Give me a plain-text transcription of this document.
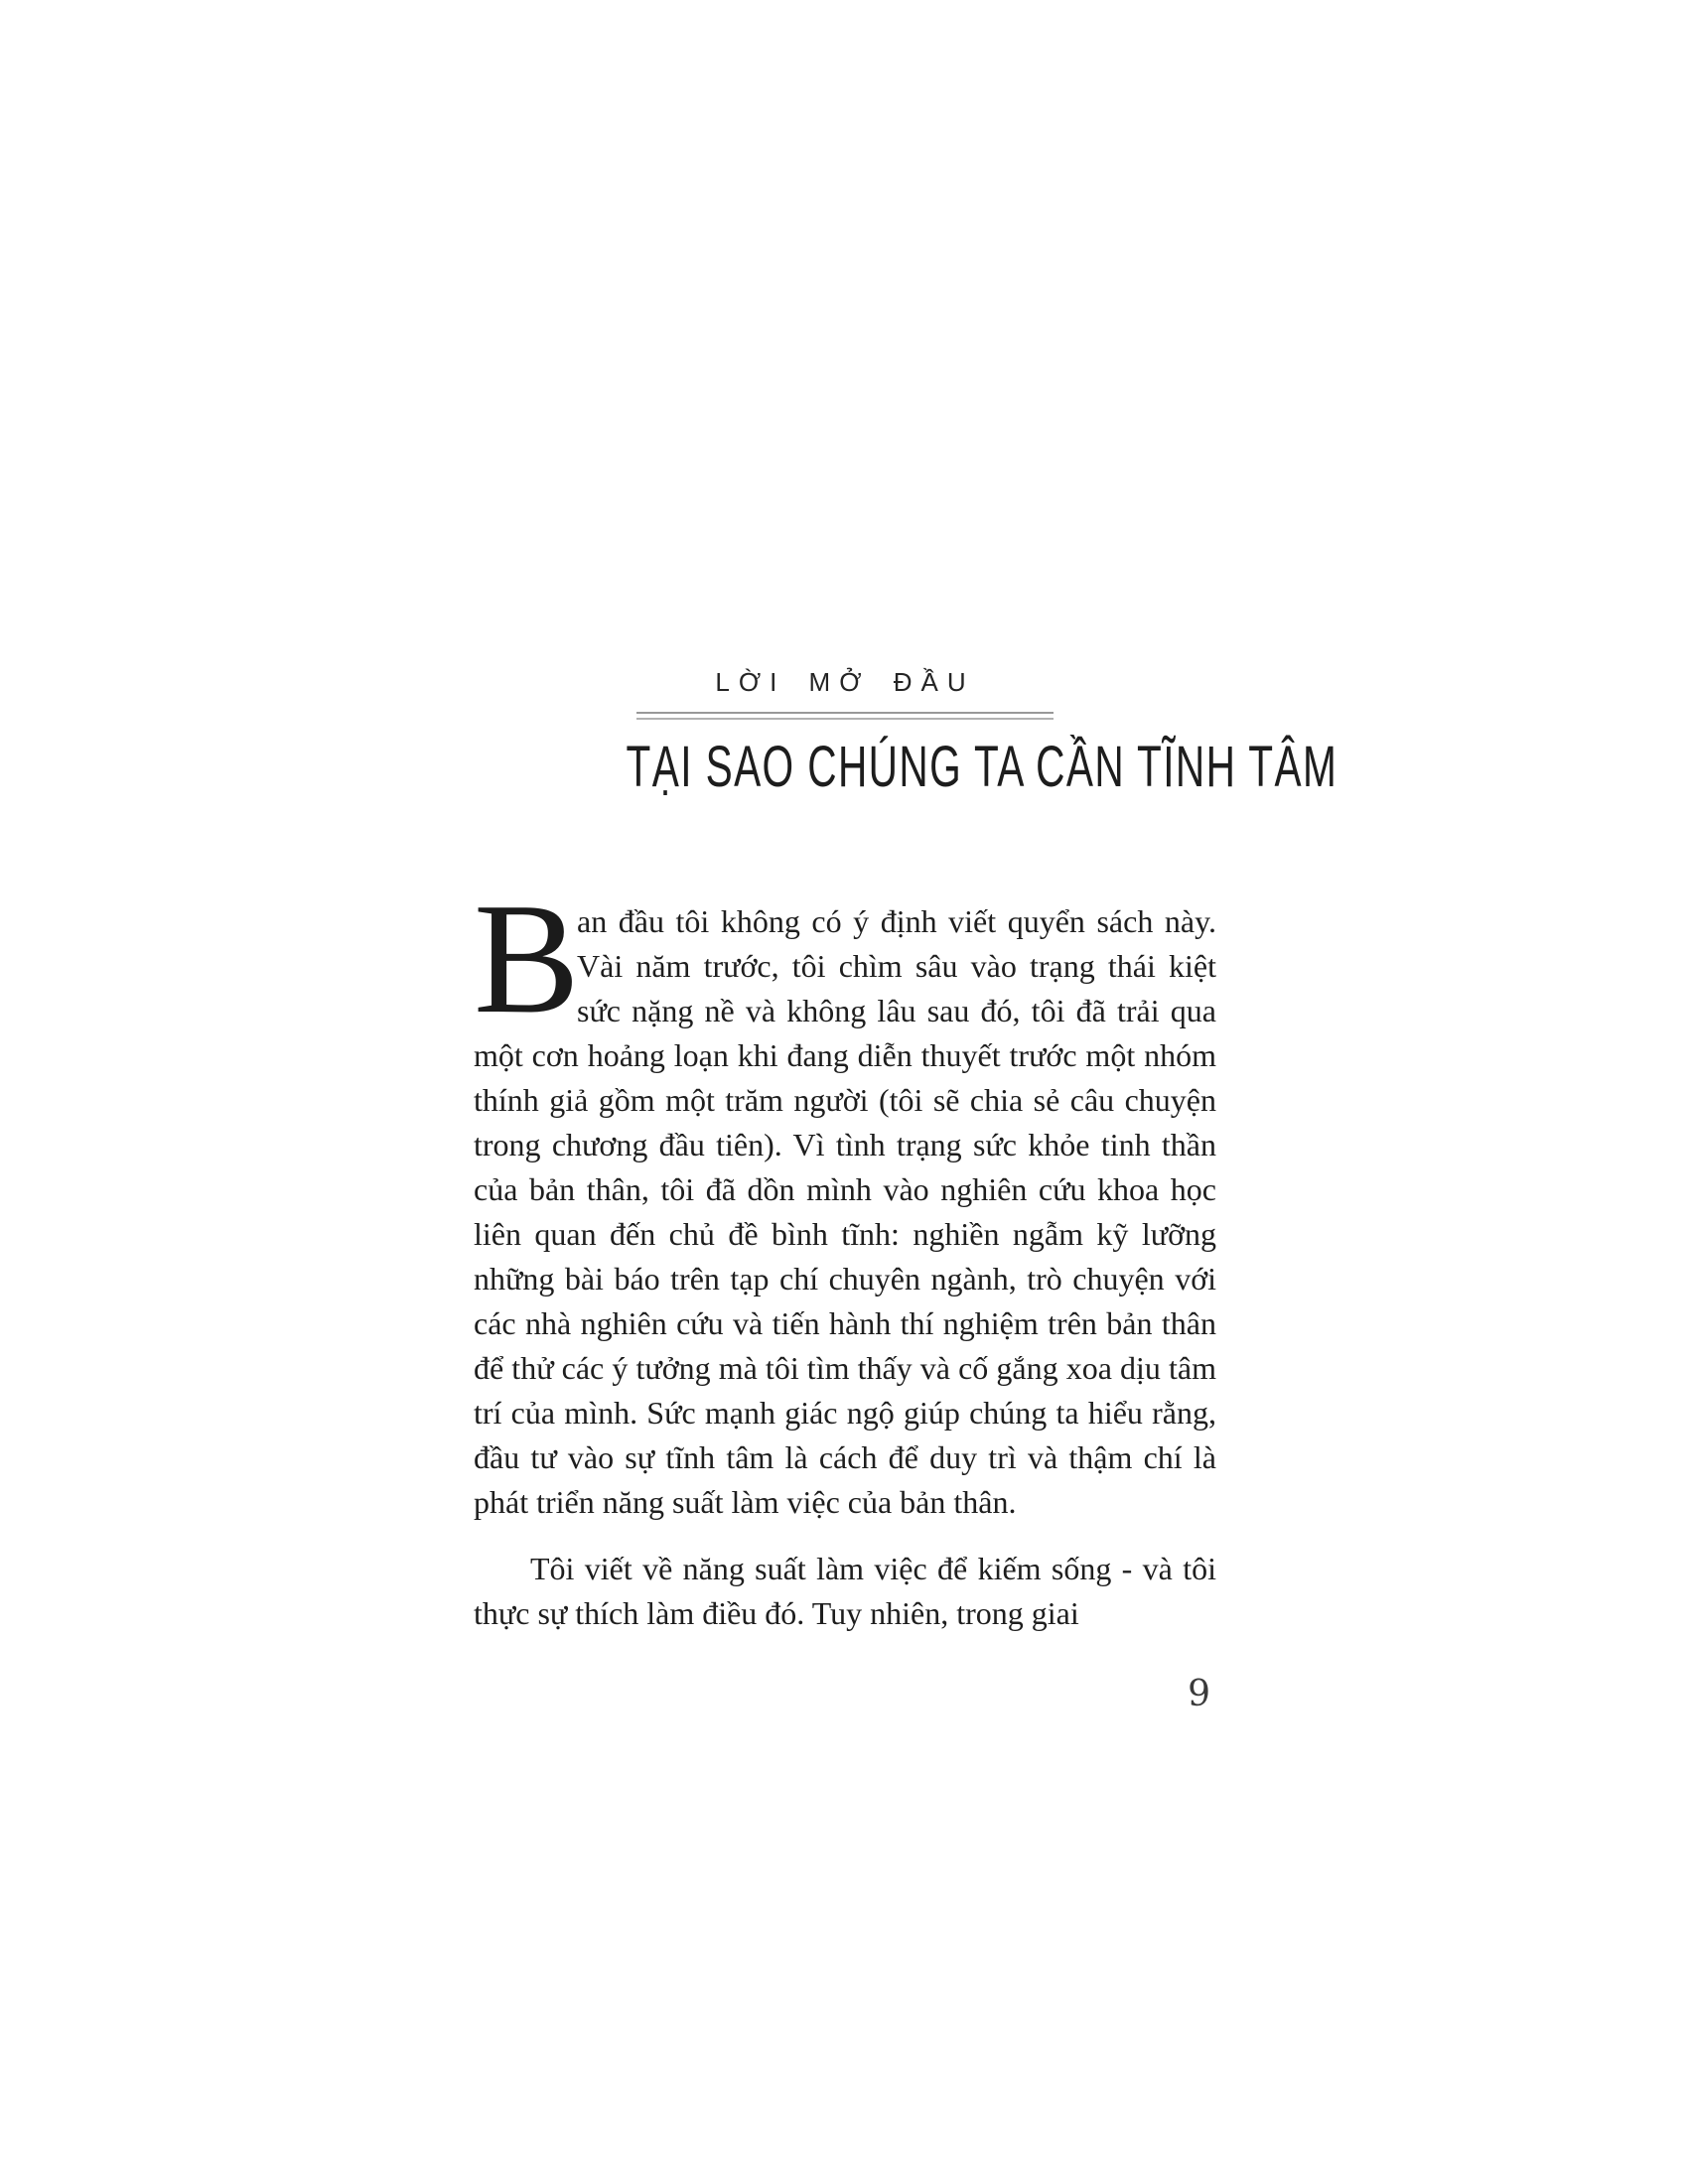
LỜI MỞ ĐẦU
TẠI SAO CHÚNG TA CẦN TĨNH TÂM

B
an đầu tôi không có ý định viết quyển sách này. Vài năm trước, tôi chìm sâu vào trạng thái kiệt sức nặng nề và không lâu sau đó, tôi đã trải qua một cơn hoảng loạn khi đang diễn thuyết trước một nhóm thính giả gồm một trăm người (tôi sẽ chia sẻ câu chuyện trong chương đầu tiên). Vì tình trạng sức khỏe tinh thần của bản thân, tôi đã dồn mình vào nghiên cứu khoa học liên quan đến chủ đề bình tĩnh: nghiền ngẫm kỹ lưỡng những bài báo trên tạp chí chuyên ngành, trò chuyện với các nhà nghiên cứu và tiến hành thí nghiệm trên bản thân để thử các ý tưởng mà tôi tìm thấy và cố gắng xoa dịu tâm trí của mình. Sức mạnh giác ngộ giúp chúng ta hiểu rằng, đầu tư vào sự tĩnh tâm là cách để duy trì và thậm chí là phát triển năng suất làm việc của bản thân.

Tôi viết về năng suất làm việc để kiếm sống - và tôi thực sự thích làm điều đó. Tuy nhiên, trong giai

9
